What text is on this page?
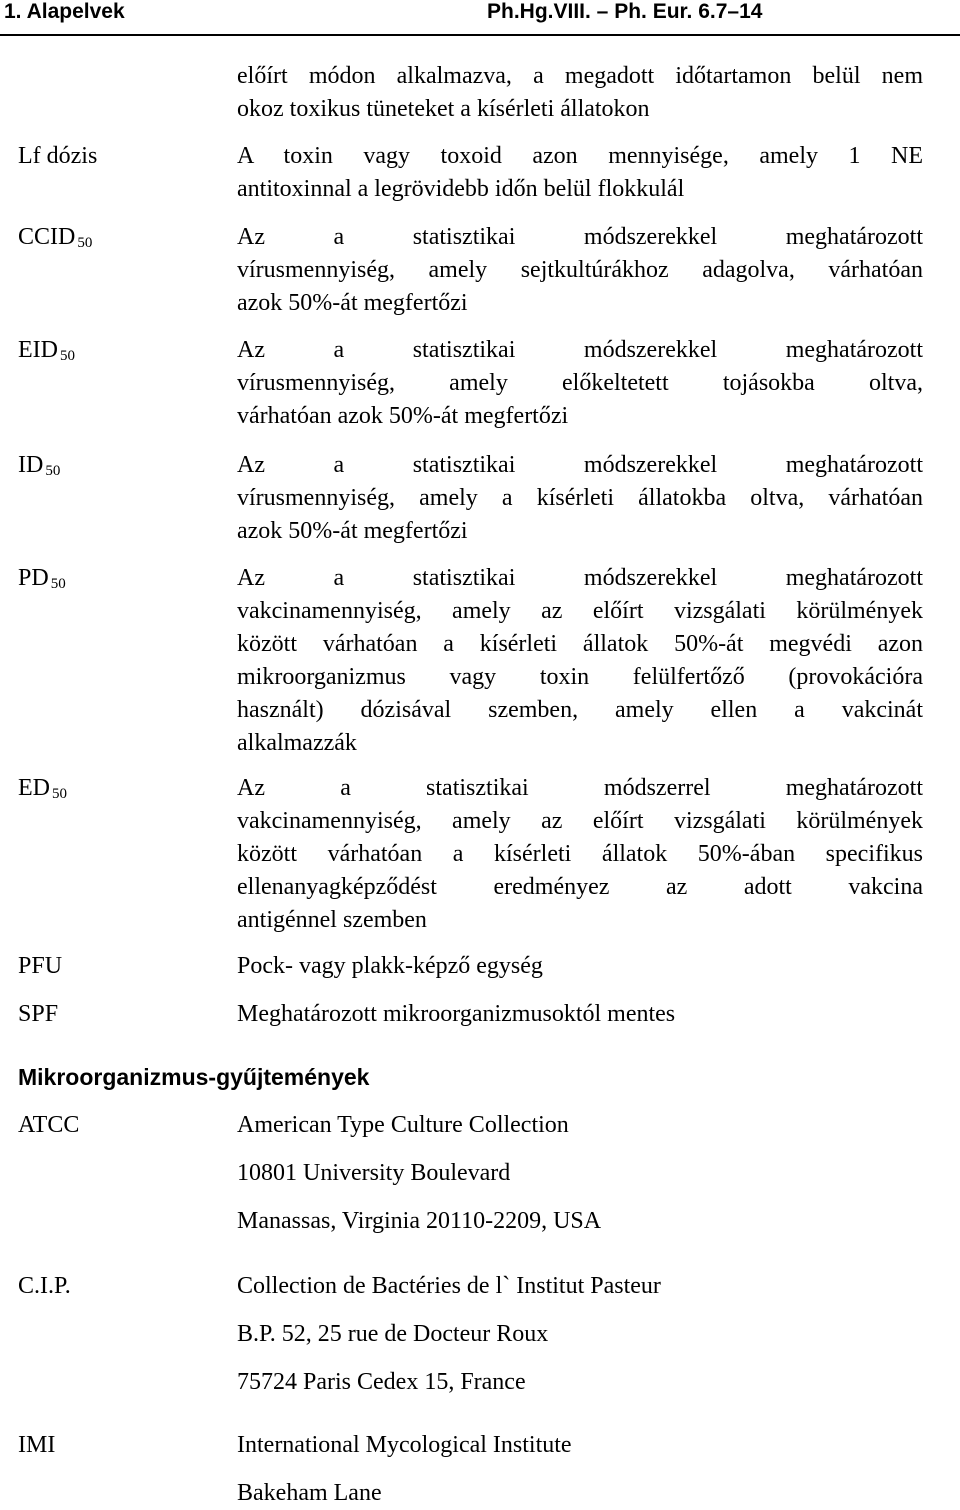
1. Alapelvek	Ph.Hg.VIII. – Ph. Eur. 6.7–14
előírt módon alkalmazva, a megadott időtartamon belül nem
okoz toxikus tüneteket a kísérleti állatokon
Lf dózis	A toxin vagy toxoid azon mennyisége, amely 1 NE
antitoxinnal a legrövidebb időn belül flokkulál
CCID $_{50}$	Az a statisztikai módszerekkel meghatározott
vírusmennyiség, amely sejtkultúrákhoz adagolva, várhatóan
azok 50%-át megfertőzi
EID $_{50}$	Az a statisztikai módszerekkel meghatározott
vírusmennyiség, amely előkeltetett tojásokba oltva,
várhatóan azok 50%-át megfertőzi
ID $_{50}$	Az a statisztikai módszerekkel meghatározott
vírusmennyiség, amely a kísérleti állatokba oltva, várhatóan
azok 50%-át megfertőzi
PD $_{50}$	Az a statisztikai módszerekkel meghatározott
vakcinamennyiség, amely az előírt vizsgálati körülmények
között várhatóan a kísérleti állatok 50%-át megvédi azon
mikroorganizmus vagy toxin felülfertőző (provokációra
használt) dózisával szemben, amely ellen a vakcinát
alkalmazzák
ED $_{50}$	Az a statisztikai módszerrel meghatározott
vakcinamennyiség, amely az előírt vizsgálati körülmények
között várhatóan a kísérleti állatok 50%-ában specifikus
ellenanyagképződést eredményez az adott vakcina
antigénnel szemben
PFU	Pock- vagy plakk-képző egység
SPF	Meghatározott mikroorganizmusoktól mentes
Mikroorganizmus-gyűjtemények
ATCC	American Type Culture Collection
10801 University Boulevard
Manassas, Virginia 20110-2209, USA
C.I.P.	Collection de Bactéries de l` Institut Pasteur
B.P. 52, 25 rue de Docteur Roux
75724 Paris Cedex 15, France
IMI	International Mycological Institute
Bakeham Lane
